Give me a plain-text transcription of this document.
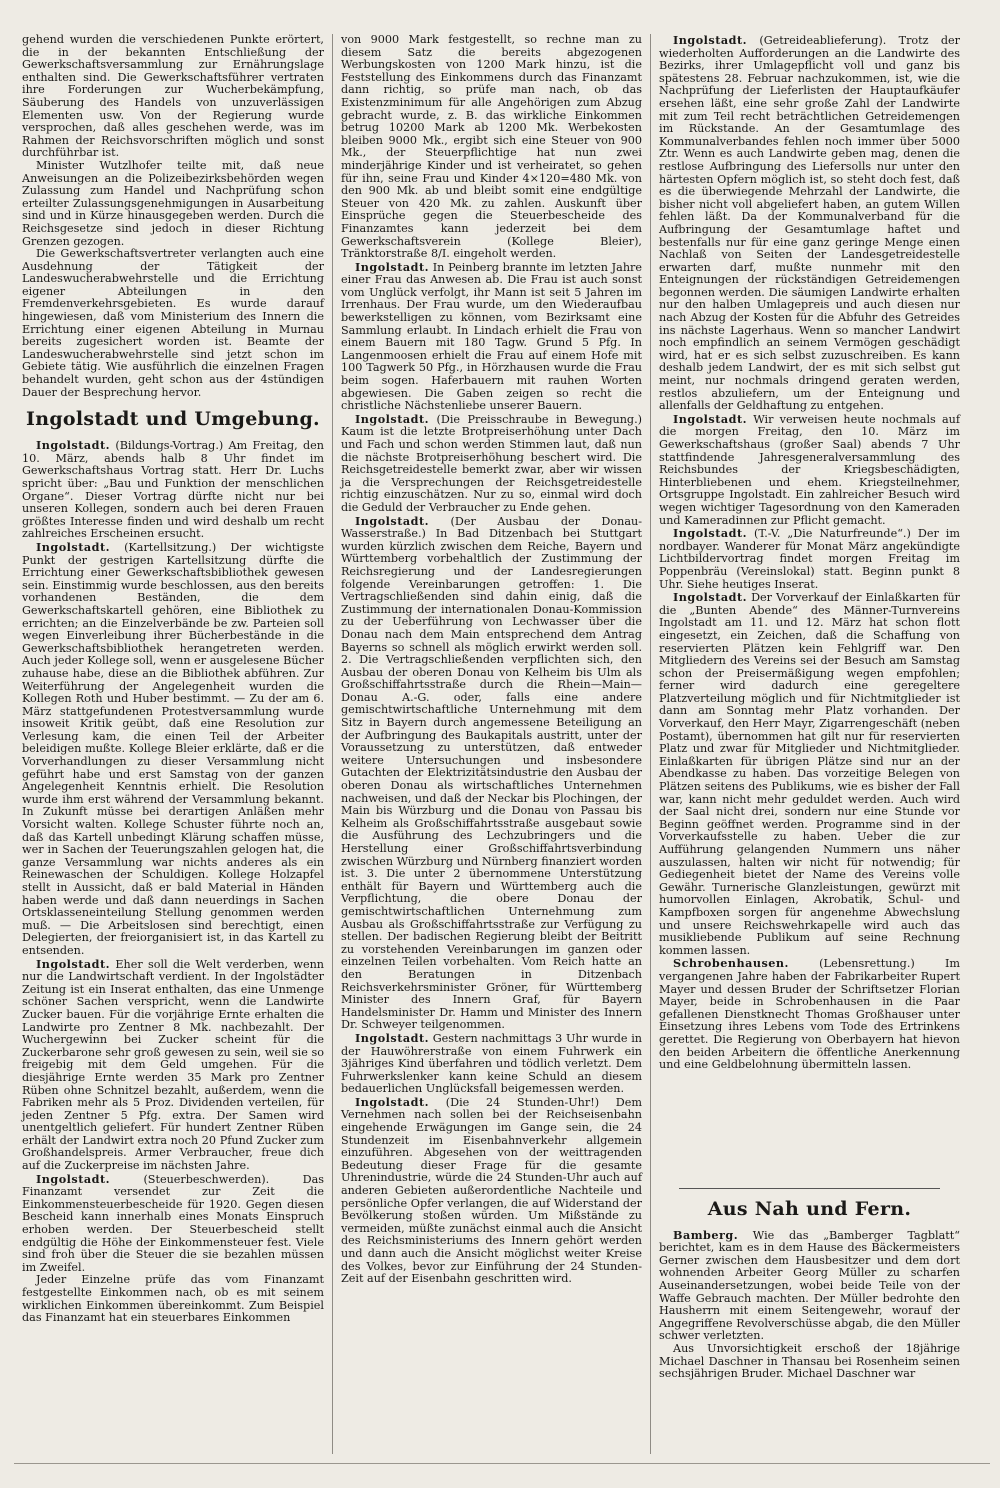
gehend wurden die verschiedenen Punkte erörtert, die in der bekannten Entschließung der Gewerkschaftsversammlung zur Ernährungslage enthalten sind. Die Gewerkschaftsführer vertraten ihre Forderungen zur Wucherbekämpfung, Säuberung des Handels von unzuverlässigen Elementen usw. Von der Regierung wurde versprochen, daß alles geschehen werde, was im Rahmen der Reichsvorschriften möglich und sonst durchführbar ist.

Minister Wutzlhofer teilte mit, daß neue Anweisungen an die Polizeibezirksbehörden wegen Zulassung zum Handel und Nachprüfung schon erteilter Zulassungsgenehmigungen in Ausarbeitung sind und in Kürze hinausgegeben werden. Durch die Reichsgesetze sind jedoch in dieser Richtung Grenzen gezogen.

Die Gewerkschaftsvertreter verlangten auch eine Ausdehnung der Tätigkeit der Landeswucherabwehrstelle und die Errichtung eigener Abteilungen in den Fremdenverkehrsgebieten. Es wurde darauf hingewiesen, daß vom Ministerium des Innern die Errichtung einer eigenen Abteilung in Murnau bereits zugesichert worden ist. Beamte der Landeswucherabwehrstelle sind jetzt schon im Gebiete tätig. Wie ausführlich die einzelnen Fragen behandelt wurden, geht schon aus der 4stündigen Dauer der Besprechung hervor.

Ingolstadt und Umgebung.

Ingolstadt. (Bildungs-Vortrag.) Am Freitag, den 10. März, abends halb 8 Uhr findet im Gewerkschaftshaus Vortrag statt. Herr Dr. Luchs spricht über: „Bau und Funktion der menschlichen Organe“. Dieser Vortrag dürfte nicht nur bei unseren Kollegen, sondern auch bei deren Frauen größtes Interesse finden und wird deshalb um recht zahlreiches Erscheinen ersucht.

Ingolstadt. (Kartellsitzung.) Der wichtigste Punkt der gestrigen Kartellsitzung dürfte die Errichtung einer Gewerkschaftsbibliothek gewesen sein. Einstimmig wurde beschlossen, aus den bereits vorhandenen Beständen, die dem Gewerkschaftskartell gehören, eine Bibliothek zu errichten; an die Einzelverbände be zw. Parteien soll wegen Einverleibung ihrer Bücherbestände in die Gewerkschaftsbibliothek herangetreten werden. Auch jeder Kollege soll, wenn er ausgelesene Bücher zuhause habe, diese an die Bibliothek abführen. Zur Weiterführung der Angelegenheit wurden die Kollegen Roth und Huber bestimmt. — Zu der am 6. März stattgefundenen Protestversammlung wurde insoweit Kritik geübt, daß eine Resolution zur Verlesung kam, die einen Teil der Arbeiter beleidigen mußte. Kollege Bleier erklärte, daß er die Vorverhandlungen zu dieser Versammlung nicht geführt habe und erst Samstag von der ganzen Angelegenheit Kenntnis erhielt. Die Resolution wurde ihm erst während der Versammlung bekannt. In Zukunft müsse bei derartigen Anläßen mehr Vorsicht walten. Kollege Schuster führte noch an, daß das Kartell unbedingt Klärung schaffen müsse, wer in Sachen der Teuerungszahlen gelogen hat, die ganze Versammlung war nichts anderes als ein Reinewaschen der Schuldigen. Kollege Holzapfel stellt in Aussicht, daß er bald Material in Händen haben werde und daß dann neuerdings in Sachen Ortsklasseneinteilung Stellung genommen werden muß. — Die Arbeitslosen sind berechtigt, einen Delegierten, der freiorganisiert ist, in das Kartell zu entsenden.

Ingolstadt. Eher soll die Welt verderben, wenn nur die Landwirtschaft verdient. In der Ingolstädter Zeitung ist ein Inserat enthalten, das eine Unmenge schöner Sachen verspricht, wenn die Landwirte Zucker bauen. Für die vorjährige Ernte erhalten die Landwirte pro Zentner 8 Mk. nachbezahlt. Der Wuchergewinn bei Zucker scheint für die Zuckerbarone sehr groß gewesen zu sein, weil sie so freigebig mit dem Geld umgehen. Für die diesjährige Ernte werden 35 Mark pro Zentner Rüben ohne Schnitzel bezahlt, außerdem, wenn die Fabriken mehr als 5 Proz. Dividenden verteilen, für jeden Zentner 5 Pfg. extra. Der Samen wird unentgeltlich geliefert. Für hundert Zentner Rüben erhält der Landwirt extra noch 20 Pfund Zucker zum Großhandelspreis. Armer Verbraucher, freue dich auf die Zuckerpreise im nächsten Jahre.

Ingolstadt.	(Steuerbeschwerden). Das Finanzamt versendet zur Zeit die Einkommensteuerbescheide für 1920. Gegen diesen Bescheid kann innerhalb eines Monats Einspruch erhoben werden. Der Steuerbescheid stellt endgültig die Höhe der Einkommensteuer fest. Viele sind froh über die Steuer die sie bezahlen müssen im Zweifel.

Jeder Einzelne prüfe das vom Finanzamt festgestellte Einkommen nach, ob es mit seinem wirklichen Einkommen übereinkommt. Zum Beispiel das Finanzamt hat ein steuerbares Einkommen

von 9000 Mark festgestellt, so rechne man zu diesem Satz die bereits abgezogenen Werbungskosten von 1200 Mark hinzu, ist die Feststellung des Einkommens durch das Finanzamt dann richtig, so prüfe man nach, ob das Existenzminimum für alle Angehörigen zum Abzug gebracht wurde, z. B. das wirkliche Einkommen betrug 10200 Mark ab 1200 Mk. Werbekosten bleiben 9000 Mk., ergibt sich eine Steuer von 900 Mk., der Steuerpflichtige hat nun zwei minderjährige Kinder und ist verheiratet, so gehen für ihn, seine Frau und Kinder 4×120=480 Mk. von den 900 Mk. ab und bleibt somit eine endgültige Steuer von 420 Mk. zu zahlen. Auskunft über Einsprüche gegen die Steuerbescheide des Finanzamtes kann jederzeit bei dem Gewerkschaftsverein (Kollege Bleier), Tränktorstraße 8/I. eingeholt werden.

Ingolstadt. In Peinberg brannte im letzten Jahre einer Frau das Anwesen ab. Die Frau ist auch sonst vom Unglück verfolgt, ihr Mann ist seit 5 Jahren im Irrenhaus. Der Frau wurde, um den Wiederaufbau bewerkstelligen zu können, vom Bezirksamt eine Sammlung erlaubt. In Lindach erhielt die Frau von einem Bauern mit 180 Tagw. Grund 5 Pfg. In Langenmoosen erhielt die Frau auf einem Hofe mit 100 Tagwerk 50 Pfg., in Hörzhausen wurde die Frau beim sogen. Haferbauern mit rauhen Worten abgewiesen. Die Gaben zeigen so recht die christliche Nächstenliebe unserer Bauern.

Ingolstadt. (Die Preisschraube in Bewegung.) Kaum ist die letzte Brotpreiserhöhung unter Dach und Fach und schon werden Stimmen laut, daß nun die nächste Brotpreiserhöhung beschert wird. Die Reichsgetreidestelle bemerkt zwar, aber wir wissen ja die Versprechungen der Reichsgetreidestelle richtig einzuschätzen. Nur zu so, einmal wird doch die Geduld der Verbraucher zu Ende gehen.

Ingolstadt. (Der Ausbau der Donau-Wasserstraße.) In Bad Ditzenbach bei Stuttgart wurden kürzlich zwischen dem Reiche, Bayern und Württemberg vorbehaltlich der Zustimmung der Reichsregierung und der Landesregierungen folgende Vereinbarungen getroffen: 1. Die Vertragschließenden sind dahin einig, daß die Zustimmung der internationalen Donau-Kommission zu der Ueberführung von Lechwasser über die Donau nach dem Main entsprechend dem Antrag Bayerns so schnell als möglich erwirkt werden soll. 2. Die Vertragschließenden verpflichten sich, den Ausbau der oberen Donau von Kelheim bis Ulm als Großschiffahrtsstraße durch die Rhein—Main—Donau A.-G. oder, falls eine andere gemischtwirtschaftliche Unternehmung mit dem Sitz in Bayern durch angemessene Beteiligung an der Aufbringung des Baukapitals austritt, unter der Voraussetzung zu unterstützen, daß entweder weitere Untersuchungen und insbesondere Gutachten der Elektrizitätsindustrie den Ausbau der oberen Donau als wirtschaftliches Unternehmen nachweisen, und daß der Neckar bis Plochingen, der Main bis Würzburg und die Donau von Passau bis Kelheim als Großschiffahrtsstraße ausgebaut sowie die Ausführung des Lechzubringers und die Herstellung einer Großschiffahrtsverbindung zwischen Würzburg und Nürnberg finanziert worden ist. 3. Die unter 2 übernommene Unterstützung enthält für Bayern und Württemberg auch die Verpflichtung, die obere Donau der gemischtwirtschaftlichen Unternehmung zum Ausbau als Großschiffahrtsstraße zur Verfügung zu stellen. Der badischen Regierung bleibt der Beitritt zu vorstehenden Vereinbarungen im ganzen oder einzelnen Teilen vorbehalten. Vom Reich hatte an den Beratungen in Ditzenbach Reichsverkehrsminister Gröner, für Württemberg Minister des Innern Graf, für Bayern Handelsminister Dr. Hamm und Minister des Innern Dr. Schweyer teilgenommen.

Ingolstadt. Gestern nachmittags 3 Uhr wurde in der Hauwöhrerstraße von einem Fuhrwerk ein 3jähriges Kind überfahren und tödlich verletzt. Dem Fuhrwerkslenker kann keine Schuld an diesem bedauerlichen Unglücksfall beigemessen werden.

Ingolstadt. (Die 24 Stunden-Uhr!) Dem Vernehmen nach sollen bei der Reichseisenbahn eingehende Erwägungen im Gange sein, die 24 Stundenzeit im Eisenbahnverkehr allgemein einzuführen. Abgesehen von der weittragenden Bedeutung dieser Frage für die gesamte Uhrenindustrie, würde die 24 Stunden-Uhr auch auf anderen Gebieten außerordentliche Nachteile und persönliche Opfer verlangen, die auf Widerstand der Bevölkerung stoßen würden. Um Mißstände zu vermeiden, müßte zunächst einmal auch die Ansicht des Reichsministeriums des Innern gehört werden und dann auch die Ansicht möglichst weiter Kreise des Volkes, bevor zur Einführung der 24 Stunden-Zeit auf der Eisenbahn geschritten wird.

Ingolstadt. (Getreideablieferung). Trotz der wiederholten Aufforderungen an die Landwirte des Bezirks, ihrer Umlagepflicht voll und ganz bis spätestens 28. Februar nachzukommen, ist, wie die Nachprüfung der Lieferlisten der Hauptaufkäufer ersehen läßt, eine sehr große Zahl der Landwirte mit zum Teil recht beträchtlichen Getreidemengen im Rückstande. An der Gesamtumlage des Kommunalverbandes fehlen noch immer über 5000 Ztr. Wenn es auch Landwirte geben mag, denen die restlose Aufbringung des Liefersolls nur unter den härtesten Opfern möglich ist, so steht doch fest, daß es die überwiegende Mehrzahl der Landwirte, die bisher nicht voll abgeliefert haben, an gutem Willen fehlen läßt. Da der Kommunalverband für die Aufbringung der Gesamtumlage haftet und bestenfalls nur für eine ganz geringe Menge einen Nachlaß von Seiten der Landesgetreidestelle erwarten darf, mußte nunmehr mit den Enteignungen der rückständigen Getreidemengen begonnen werden. Die säumigen Landwirte erhalten nur den halben Umlagepreis und auch diesen nur nach Abzug der Kosten für die Abfuhr des Getreides ins nächste Lagerhaus. Wenn so mancher Landwirt noch empfindlich an seinem Vermögen geschädigt wird, hat er es sich selbst zuzuschreiben. Es kann deshalb jedem Landwirt, der es mit sich selbst gut meint, nur nochmals dringend geraten werden, restlos abzuliefern, um der Enteignung und allenfalls der Geldhaftung zu entgehen.

Ingolstadt. Wir verweisen heute nochmals auf die morgen Freitag, den 10. März im Gewerkschaftshaus (großer Saal) abends 7 Uhr stattfindende Jahresgeneralversammlung des Reichsbundes der Kriegsbeschädigten, Hinterbliebenen und ehem. Kriegsteilnehmer, Ortsgruppe Ingolstadt. Ein zahlreicher Besuch wird wegen wichtiger Tagesordnung von den Kameraden und Kameradinnen zur Pflicht gemacht.

Ingolstadt. (T.-V. „Die Naturfreunde“.) Der im nordbayer. Wanderer für Monat März angekündigte Lichtbildervortrag findet morgen Freitag im Poppenbräu (Vereinslokal) statt. Beginn punkt 8 Uhr. Siehe heutiges Inserat.

Ingolstadt. Der Vorverkauf der Einlaßkarten für die „Bunten Abende“ des Männer-Turnvereins Ingolstadt am 11. und 12. März hat schon flott eingesetzt, ein Zeichen, daß die Schaffung von reservierten Plätzen kein Fehlgriff war. Den Mitgliedern des Vereins sei der Besuch am Samstag schon der Preisermäßigung wegen empfohlen; ferner wird dadurch eine geregeltere Platzverteilung möglich und für Nichtmitglieder ist dann am Sonntag mehr Platz vorhanden. Der Vorverkauf, den Herr Mayr, Zigarrengeschäft (neben Postamt), übernommen hat gilt nur für reservierten Platz und zwar für Mitglieder und Nichtmitglieder. Einlaßkarten für übrigen Plätze sind nur an der Abendkasse zu haben. Das vorzeitige Belegen von Plätzen seitens des Publikums, wie es bisher der Fall war, kann nicht mehr geduldet werden. Auch wird der Saal nicht drei, sondern nur eine Stunde vor Beginn geöffnet werden. Programme sind in der Vorverkaufsstelle zu haben. Ueber die zur Aufführung gelangenden Nummern uns näher auszulassen, halten wir nicht für notwendig; für Gediegenheit bietet der Name des Vereins volle Gewähr. Turnerische Glanzleistungen, gewürzt mit humorvollen Einlagen, Akrobatik, Schul- und Kampfboxen sorgen für angenehme Abwechslung und unsere Reichswehrkapelle wird auch das musikliebende Publikum auf seine Rechnung kommen lassen.

Schrobenhausen.	(Lebensrettung.) Im vergangenen Jahre haben der Fabrikarbeiter Rupert Mayer und dessen Bruder der Schriftsetzer Florian Mayer, beide in Schrobenhausen in die Paar gefallenen Dienstknecht Thomas Großhauser unter Einsetzung ihres Lebens vom Tode des Ertrinkens gerettet. Die Regierung von Oberbayern hat hievon den beiden Arbeitern die öffentliche Anerkennung und eine Geldbelohnung übermitteln lassen.

Aus Nah und Fern.

Bamberg. Wie das „Bamberger Tagblatt“ berichtet, kam es in dem Hause des Bäckermeisters Gerner zwischen dem Hausbesitzer und dem dort wohnenden Arbeiter Georg Müller zu scharfen Auseinandersetzungen, wobei beide Teile von der Waffe Gebrauch machten. Der Müller bedrohte den Hausherrn mit einem Seitengewehr, worauf der Angegriffene Revolverschüsse abgab, die den Müller schwer verletzten.

Aus Unvorsichtigkeit erschoß der 18jährige Michael Daschner in Thansau bei Rosenheim seinen sechsjährigen Bruder. Michael Daschner war
